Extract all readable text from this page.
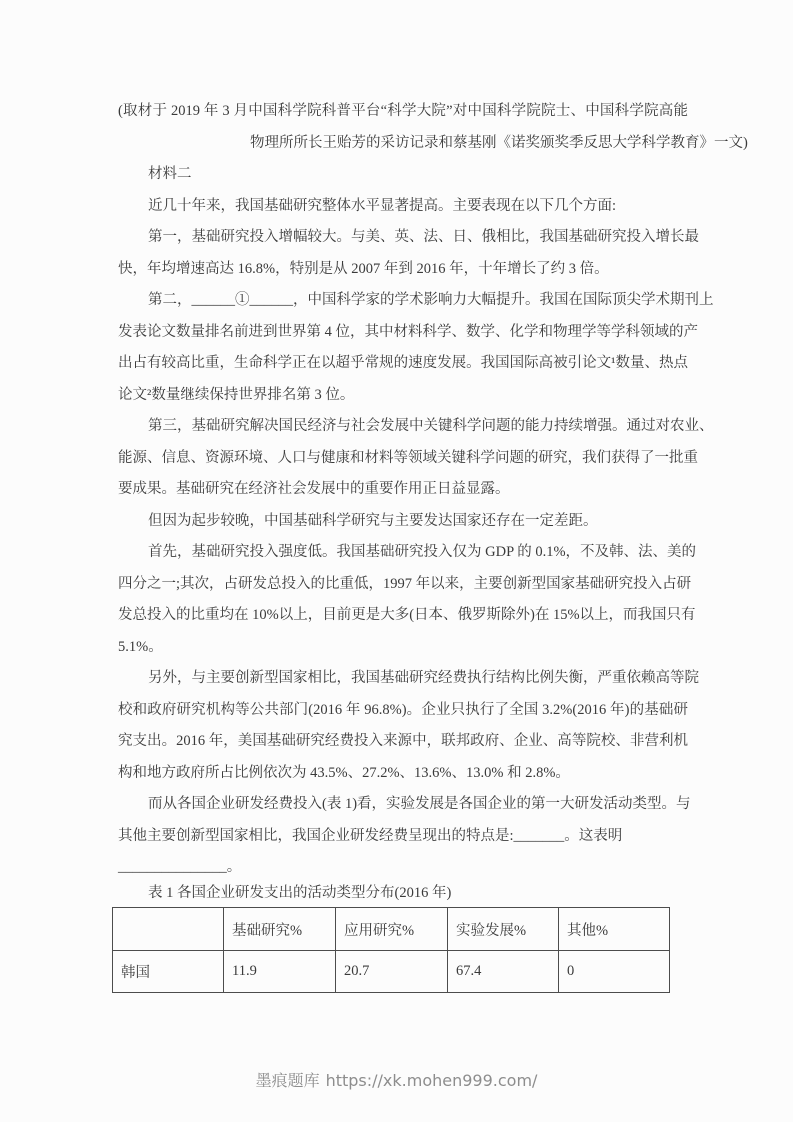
(取材于 2019 年 3 月中国科学院科普平台“科学大院”对中国科学院院士、中国科学院高能
物理所所长王贻芳的采访记录和蔡基刚《诺奖颁奖季反思大学科学教育》一文)
材料二
近几十年来，我国基础研究整体水平显著提高。主要表现在以下几个方面:
第一，基础研究投入增幅较大。与美、英、法、日、俄相比，我国基础研究投入增长最
快，年均增速高达 16.8%，特别是从 2007 年到 2016 年，十年增长了约 3 倍。
第二，______①______，中国科学家的学术影响力大幅提升。我国在国际顶尖学术期刊上
发表论文数量排名前进到世界第 4 位，其中材料科学、数学、化学和物理学等学科领域的产
出占有较高比重，生命科学正在以超乎常规的速度发展。我国国际高被引论文¹数量、热点
论文²数量继续保持世界排名第 3 位。
第三，基础研究解决国民经济与社会发展中关键科学问题的能力持续增强。通过对农业、
能源、信息、资源环境、人口与健康和材料等领域关键科学问题的研究，我们获得了一批重
要成果。基础研究在经济社会发展中的重要作用正日益显露。
但因为起步较晚，中国基础科学研究与主要发达国家还存在一定差距。
首先，基础研究投入强度低。我国基础研究投入仅为 GDP 的 0.1%，不及韩、法、美的
四分之一;其次，占研发总投入的比重低，1997 年以来，主要创新型国家基础研究投入占研
发总投入的比重均在 10%以上，目前更是大多(日本、俄罗斯除外)在 15%以上，而我国只有
5.1%。
另外，与主要创新型国家相比，我国基础研究经费执行结构比例失衡，严重依赖高等院
校和政府研究机构等公共部门(2016 年 96.8%)。企业只执行了全国 3.2%(2016 年)的基础研
究支出。2016 年，美国基础研究经费投入来源中，联邦政府、企业、高等院校、非营利机
构和地方政府所占比例依次为 43.5%、27.2%、13.6%、13.0% 和 2.8%。
而从各国企业研发经费投入(表 1)看，实验发展是各国企业的第一大研发活动类型。与
其他主要创新型国家相比，我国企业研发经费呈现出的特点是:_______。这表明
_______________。
表 1 各国企业研发支出的活动类型分布(2016 年)
	基础研究%	应用研究%	实验发展%	其他%
韩国	11.9	20.7	67.4	0
墨痕题库 https://xk.mohen999.com/
